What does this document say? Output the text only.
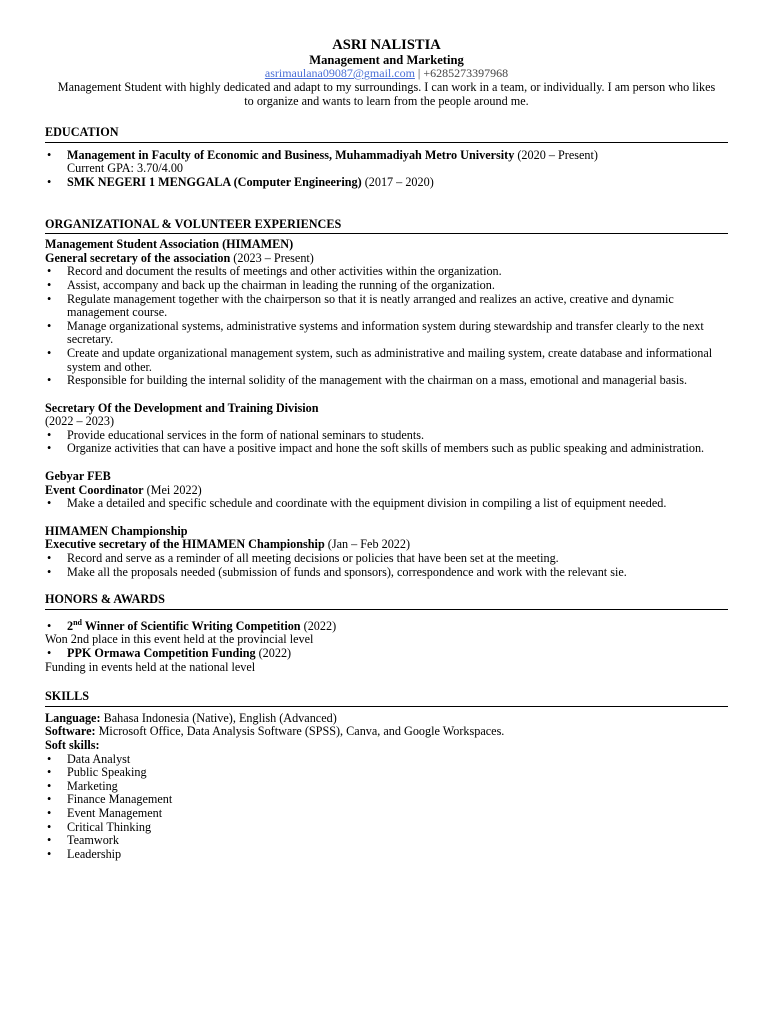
ASRI NALISTIA
Management and Marketing
asrimaulana09087@gmail.com | +6285273397968
Management Student with highly dedicated and adapt to my surroundings. I can work in a team, or individually. I am person who likes to organize and wants to learn from the people around me.
EDUCATION
• Management in Faculty of Economic and Business, Muhammadiyah Metro University (2020 – Present)
Current GPA: 3.70/4.00
• SMK NEGERI 1 MENGGALA (Computer Engineering) (2017 – 2020)
ORGANIZATIONAL & VOLUNTEER EXPERIENCES
Management Student Association (HIMAMEN)
General secretary of the association (2023 – Present)
• Record and document the results of meetings and other activities within the organization.
• Assist, accompany and back up the chairman in leading the running of the organization.
• Regulate management together with the chairperson so that it is neatly arranged and realizes an active, creative and dynamic management course.
• Manage organizational systems, administrative systems and information system during stewardship and transfer clearly to the next secretary.
• Create and update organizational management system, such as administrative and mailing system, create database and informational system and other.
• Responsible for building the internal solidity of the management with the chairman on a mass, emotional and managerial basis.
Secretary Of the Development and Training Division
(2022 – 2023)
• Provide educational services in the form of national seminars to students.
• Organize activities that can have a positive impact and hone the soft skills of members such as public speaking and administration.
Gebyar FEB
Event Coordinator (Mei 2022)
• Make a detailed and specific schedule and coordinate with the equipment division in compiling a list of equipment needed.
HIMAMEN Championship
Executive secretary of the HIMAMEN Championship (Jan – Feb 2022)
• Record and serve as a reminder of all meeting decisions or policies that have been set at the meeting.
• Make all the proposals needed (submission of funds and sponsors), correspondence and work with the relevant sie.
HONORS & AWARDS
• 2nd Winner of Scientific Writing Competition (2022)
Won 2nd place in this event held at the provincial level
• PPK Ormawa Competition Funding (2022)
Funding in events held at the national level
SKILLS
Language: Bahasa Indonesia (Native), English (Advanced)
Software: Microsoft Office, Data Analysis Software (SPSS), Canva, and Google Workspaces.
Soft skills:
• Data Analyst
• Public Speaking
• Marketing
• Finance Management
• Event Management
• Critical Thinking
• Teamwork
• Leadership
